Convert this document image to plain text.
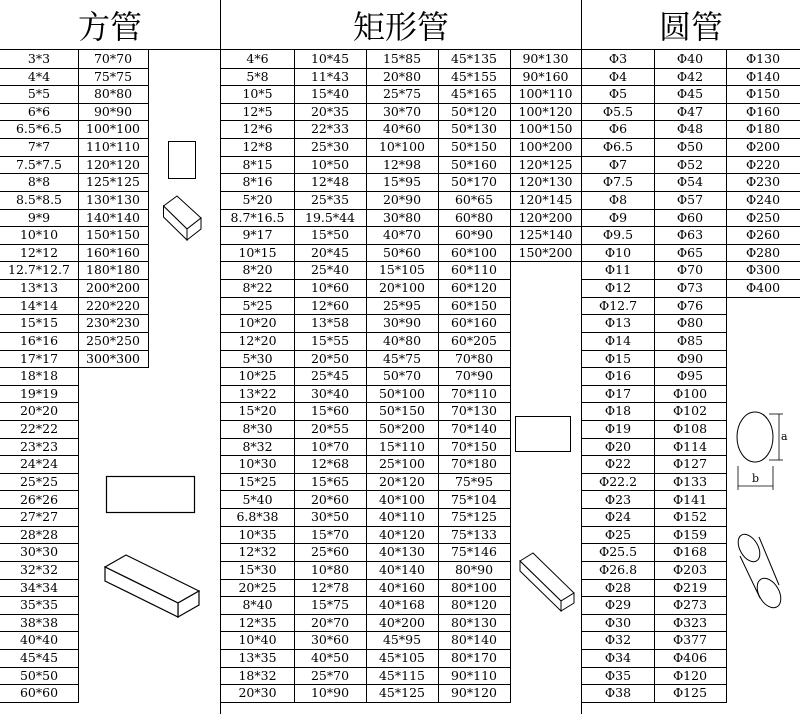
方管	矩形管	圆管
3*3
4*4
5*5
6*6
6.5*6.5
7*7
7.5*7.5
8*8
8.5*8.5
9*9
10*10
12*12
12.7*12.7
13*13
14*14
15*15
16*16
17*17
18*18
19*19
20*20
22*22
23*23
24*24
25*25
26*26
27*27
28*28
30*30
32*32
34*34
35*35
38*38
40*40
45*45
50*50
60*60
70*70
75*75
80*80
90*90
100*100
110*110
120*120
125*125
130*130
140*140
150*150
160*160
180*180
200*200
220*220
230*230
250*250
300*300
4*6
5*8
10*5
12*5
12*6
12*8
8*15
8*16
5*20
8.7*16.5
9*17
10*15
8*20
8*22
5*25
10*20
12*20
5*30
10*25
13*22
15*20
8*30
8*32
10*30
15*25
5*40
6.8*38
10*35
12*32
15*30
20*25
8*40
12*35
10*40
13*35
18*32
20*30
10*45
11*43
15*40
20*35
22*33
25*30
10*50
12*48
25*35
19.5*44
15*50
20*45
25*40
10*60
12*60
13*58
15*55
20*50
25*45
30*40
15*60
20*55
10*70
12*68
15*65
20*60
30*50
15*70
25*60
10*80
12*78
15*75
20*70
30*60
40*50
25*70
10*90
15*85
20*80
25*75
30*70
40*60
10*100
12*98
15*95
20*90
30*80
40*70
50*60
15*105
20*100
25*95
30*90
40*80
45*75
50*70
50*100
50*150
50*200
15*110
25*100
20*120
40*100
40*110
40*120
40*130
40*140
40*160
40*168
40*200
45*95
45*105
45*115
45*125
45*135
45*155
45*165
50*120
50*130
50*150
50*160
50*170
60*65
60*80
60*90
60*100
60*110
60*120
60*150
60*160
60*205
70*80
70*90
70*110
70*130
70*140
70*150
70*180
75*95
75*104
75*125
75*133
75*146
80*90
80*100
80*120
80*130
80*140
80*170
90*110
90*120
90*130
90*160
100*110
100*120
100*150
100*200
120*125
120*130
120*145
120*200
125*140
150*200
Φ3
Φ4
Φ5
Φ5.5
Φ6
Φ6.5
Φ7
Φ7.5
Φ8
Φ9
Φ9.5
Φ10
Φ11
Φ12
Φ12.7
Φ13
Φ14
Φ15
Φ16
Φ17
Φ18
Φ19
Φ20
Φ22
Φ22.2
Φ23
Φ24
Φ25
Φ25.5
Φ26.8
Φ28
Φ29
Φ30
Φ32
Φ34
Φ35
Φ38
Φ40
Φ42
Φ45
Φ47
Φ48
Φ50
Φ52
Φ54
Φ57
Φ60
Φ63
Φ65
Φ70
Φ73
Φ76
Φ80
Φ85
Φ90
Φ95
Φ100
Φ102
Φ108
Φ114
Φ127
Φ133
Φ141
Φ152
Φ159
Φ168
Φ203
Φ219
Φ273
Φ323
Φ377
Φ406
Φ120
Φ125
Φ130
Φ140
Φ150
Φ160
Φ180
Φ200
Φ220
Φ230
Φ240
Φ250
Φ260
Φ280
Φ300
Φ400
a
b
